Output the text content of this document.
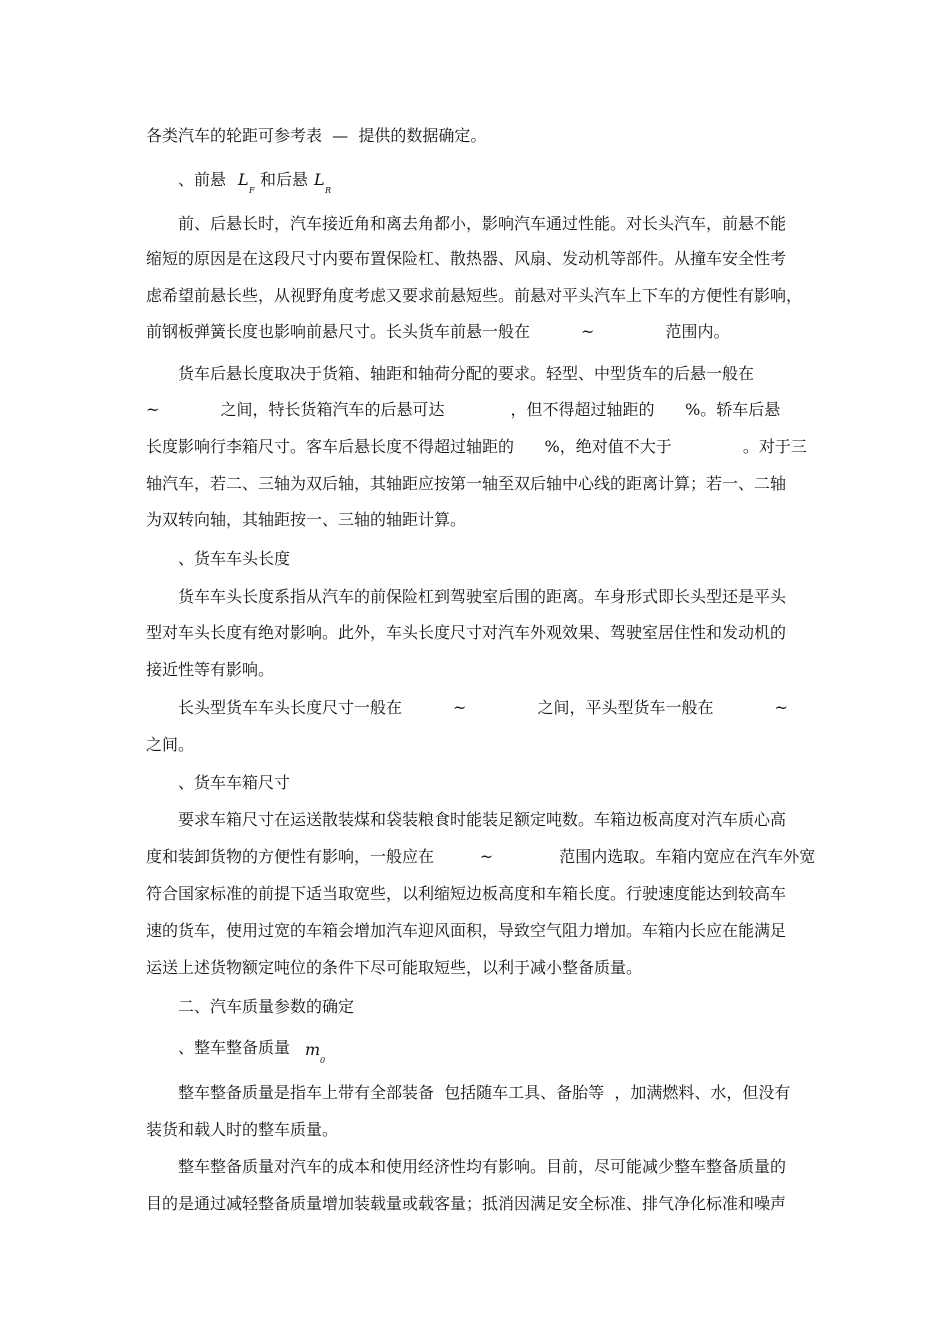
各类汽车的轮距可参考表  —  提供的数据确定。
、前悬 L
F
和后悬 L
R
前、后悬长时，汽车接近角和离去角都小，影响汽车通过性能。对长头汽车，前悬不能
缩短的原因是在这段尺寸内要布置保险杠、散热器、风扇、发动机等部件。从撞车安全性考
虑希望前悬长些，从视野角度考虑又要求前悬短些。前悬对平头汽车上下车的方便性有影响，
前钢板弹簧长度也影响前悬尺寸。长头货车前悬一般在          ~              范围内。
货车后悬长度取决于货箱、轴距和轴荷分配的要求。轻型、中型货车的后悬一般在
~            之间，特长货箱汽车的后悬可达             ，但不得超过轴距的      %。轿车后悬
长度影响行李箱尺寸。客车后悬长度不得超过轴距的      %，绝对值不大于              。对于三
轴汽车，若二、三轴为双后轴，其轴距应按第一轴至双后轴中心线的距离计算；若一、二轴
为双转向轴，其轴距按一、三轴的轴距计算。
、货车车头长度
货车车头长度系指从汽车的前保险杠到驾驶室后围的距离。车身形式即长头型还是平头
型对车头长度有绝对影响。此外，车头长度尺寸对汽车外观效果、驾驶室居住性和发动机的
接近性等有影响。
长头型货车车头长度尺寸一般在          ~              之间，平头型货车一般在            ~
之间。
、货车车箱尺寸
要求车箱尺寸在运送散装煤和袋装粮食时能装足额定吨数。车箱边板高度对汽车质心高
度和装卸货物的方便性有影响，一般应在         ~             范围内选取。车箱内宽应在汽车外宽
符合国家标准的前提下适当取宽些，以利缩短边板高度和车箱长度。行驶速度能达到较高车
速的货车，使用过宽的车箱会增加汽车迎风面积，导致空气阻力增加。车箱内长应在能满足
运送上述货物额定吨位的条件下尽可能取短些，以利于减小整备质量。
二、汽车质量参数的确定
、整车整备质量 m
0
整车整备质量是指车上带有全部装备  包括随车工具、备胎等  ，加满燃料、水，但没有
装货和载人时的整车质量。
整车整备质量对汽车的成本和使用经济性均有影响。目前，尽可能减少整车整备质量的
目的是通过减轻整备质量增加装载量或载客量；抵消因满足安全标准、排气净化标准和噪声
